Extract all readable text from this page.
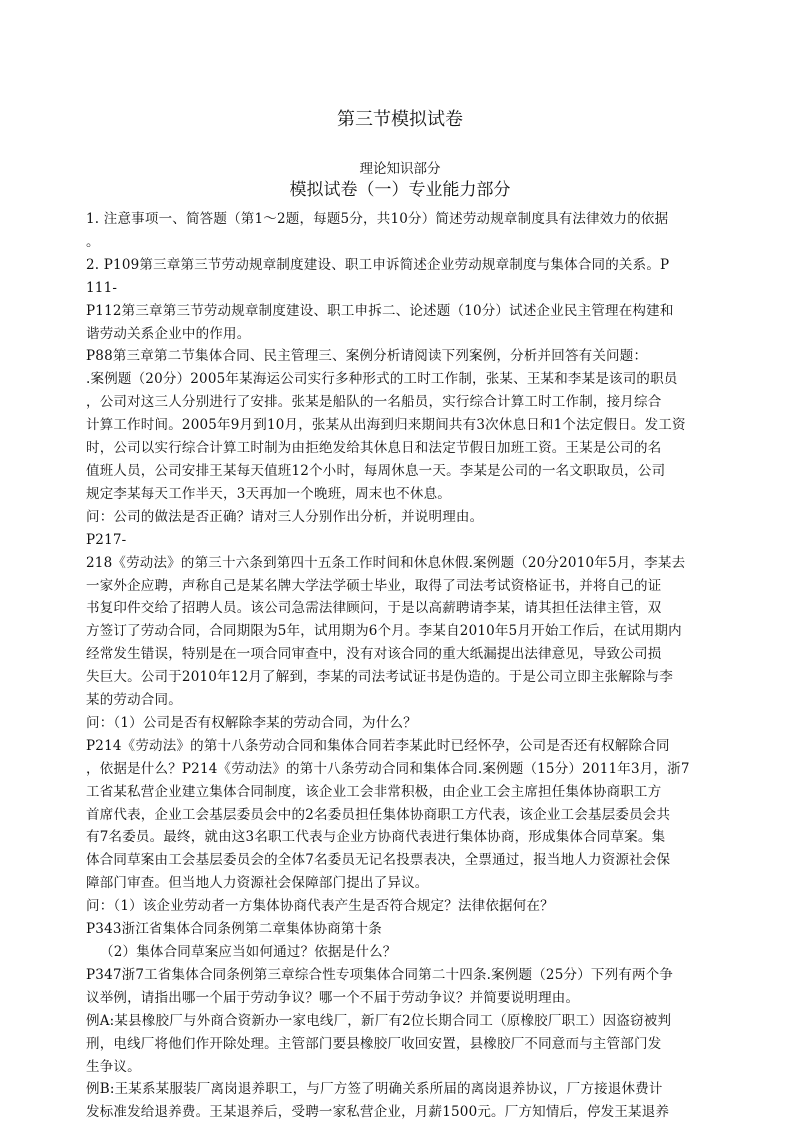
第三节模拟试卷
理论知识部分
模拟试卷（一）专业能力部分

1. 注意事项一、简答题（第1～2题，每题5分，共10分）简述劳动规章制度具有法律效力的依据

。

2. P109第三章第三节劳动规章制度建设、职工申诉简述企业劳动规章制度与集体合同的关系。P

111-

P112第三章第三节劳动规章制度建设、职工申拆二、论述题（10分）试述企业民主管理在构建和

谐劳动关系企业中的作用。

P88第三章第二节集体合同、民主管理三、案例分析请阅读下列案例，分析并回答有关问题：

.案例题（20分）2005年某海运公司实行多种形式的工时工作制，张某、王某和李某是该司的职员

，公司对这三人分别进行了安排。张某是船队的一名船员，实行综合计算工时工作制，接月综合

计算工作时间。2005年9月到10月，张某从出海到归来期间共有3次休息日和1个法定假日。发工资

时，公司以实行综合计算工时制为由拒绝发给其休息日和法定节假日加班工资。王某是公司的名

值班人员，公司安排王某每天值班12个小时，每周休息一天。李某是公司的一名文职取员，公司

规定李某每天工作半天，3天再加一个晚班，周末也不休息。

问：公司的做法是否正确？请对三人分别作出分析，并说明理由。

P217-

218《劳动法》的第三十六条到第四十五条工作时间和休息休假.案例题（20分2010年5月，李某去

一家外企应聘，声称自己是某名牌大学法学硕士毕业，取得了司法考试资格证书，并将自己的证

书复印件交给了招聘人员。该公司急需法律顾问，于是以高薪聘请李某，请其担任法律主管，双

方签订了劳动合同，合同期限为5年，试用期为6个月。李某自2010年5月开始工作后，在试用期内

经常发生错误，特别是在一项合同审查中，没有对该合同的重大纸漏提出法律意见，导致公司损

失巨大。公司于2010年12月了解到，李某的司法考试证书是伪造的。于是公司立即主张解除与李

某的劳动合同。

问：（1）公司是否有权解除李某的劳动合同，为什么？

P214《劳动法》的第十八条劳动合同和集体合同若李某此时已经怀孕，公司是否还有权解除合同

，依据是什么？P214《劳动法》的第十八条劳动合同和集体合同.案例题（15分）2011年3月，浙7

工省某私营企业建立集体合同制度，该企业工会非常积极，由企业工会主席担任集体协商职工方

首席代表，企业工会基层委员会中的2名委员担任集体协商职工方代表，该企业工会基层委员会共

有7名委员。最终，就由这3名职工代表与企业方协商代表进行集体协商，形成集体合同草案。集

体合同草案由工会基层委员会的全体7名委员无记名投票表决，全票通过，报当地人力资源社会保

障部门审查。但当地人力资源社会保障部门提出了异议。

问：（1）该企业劳动者一方集体协商代表产生是否符合规定？法律依据何在？

P343浙江省集体合同条例第二章集体协商第十条

（2）集体合同草案应当如何通过？依据是什么？

P347浙7工省集体合同条例第三章综合性专项集体合同第二十四条.案例题（25分）下列有两个争

议举例，请指出哪一个届于劳动争议？哪一个不届于劳动争议？并简要说明理由。

例A:某县橡胶厂与外商合资新办一家电线厂，新厂有2位长期合同工（原橡胶厂职工）因盗窃被判

刑，电线厂将他们作开除处理。主管部门要县橡胶厂收回安置，县橡胶厂不同意而与主管部门发

生争议。

例B:王某系某服装厂离岗退养职工，与厂方签了明确关系所届的离岗退养协议，厂方接退休费计

发标准发给退养费。王某退养后，受聘一家私营企业，月薪1500元。厂方知情后，停发王某退养
